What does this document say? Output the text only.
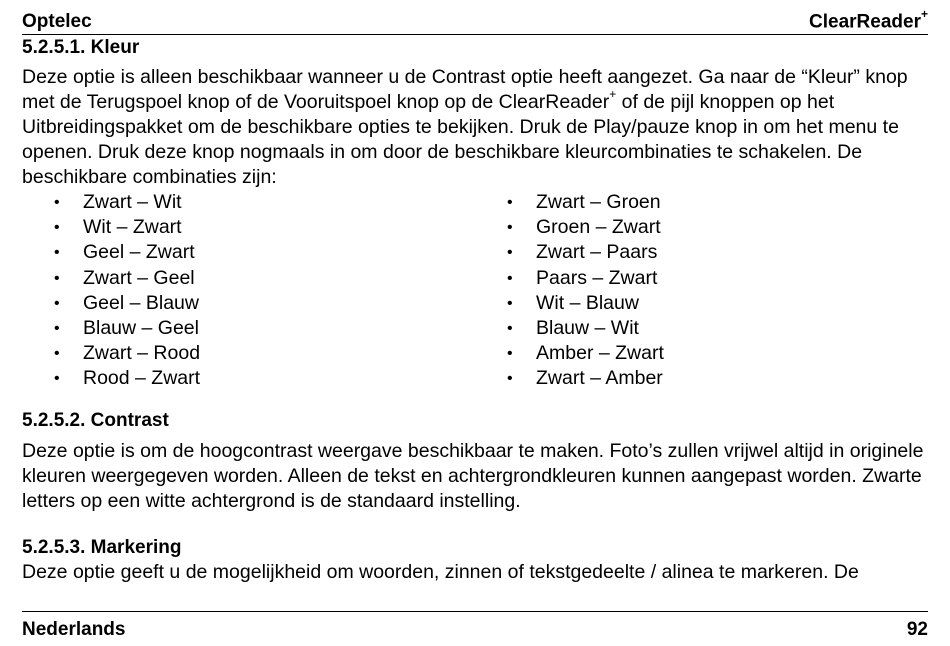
Optelec	ClearReader+
5.2.5.1. Kleur

Deze optie is alleen beschikbaar wanneer u de Contrast optie heeft aangezet. Ga naar de “Kleur” knop met de Terugspoel knop of de Vooruitspoel knop op de ClearReader+ of de pijl knoppen op het Uitbreidingspakket om de beschikbare opties te bekijken. Druk de Play/pauze knop in om het menu te openen. Druk deze knop nogmaals in om door de beschikbare kleurcombinaties te schakelen. De beschikbare combinaties zijn:

• Zwart – Wit
• Wit – Zwart
• Geel – Zwart
• Zwart – Geel
• Geel – Blauw
• Blauw – Geel
• Zwart – Rood
• Rood – Zwart
• Zwart – Groen
• Groen – Zwart
• Zwart – Paars
• Paars – Zwart
• Wit – Blauw
• Blauw – Wit
• Amber – Zwart
• Zwart – Amber
5.2.5.2. Contrast

Deze optie is om de hoogcontrast weergave beschikbaar te maken. Foto’s zullen vrijwel altijd in originele kleuren weergegeven worden. Alleen de tekst en achtergrondkleuren kunnen aangepast worden. Zwarte letters op een witte achtergrond is de standaard instelling.

5.2.5.3. Markering

Deze optie geeft u de mogelijkheid om woorden, zinnen of tekstgedeelte / alinea te markeren. De

Nederlands	92
